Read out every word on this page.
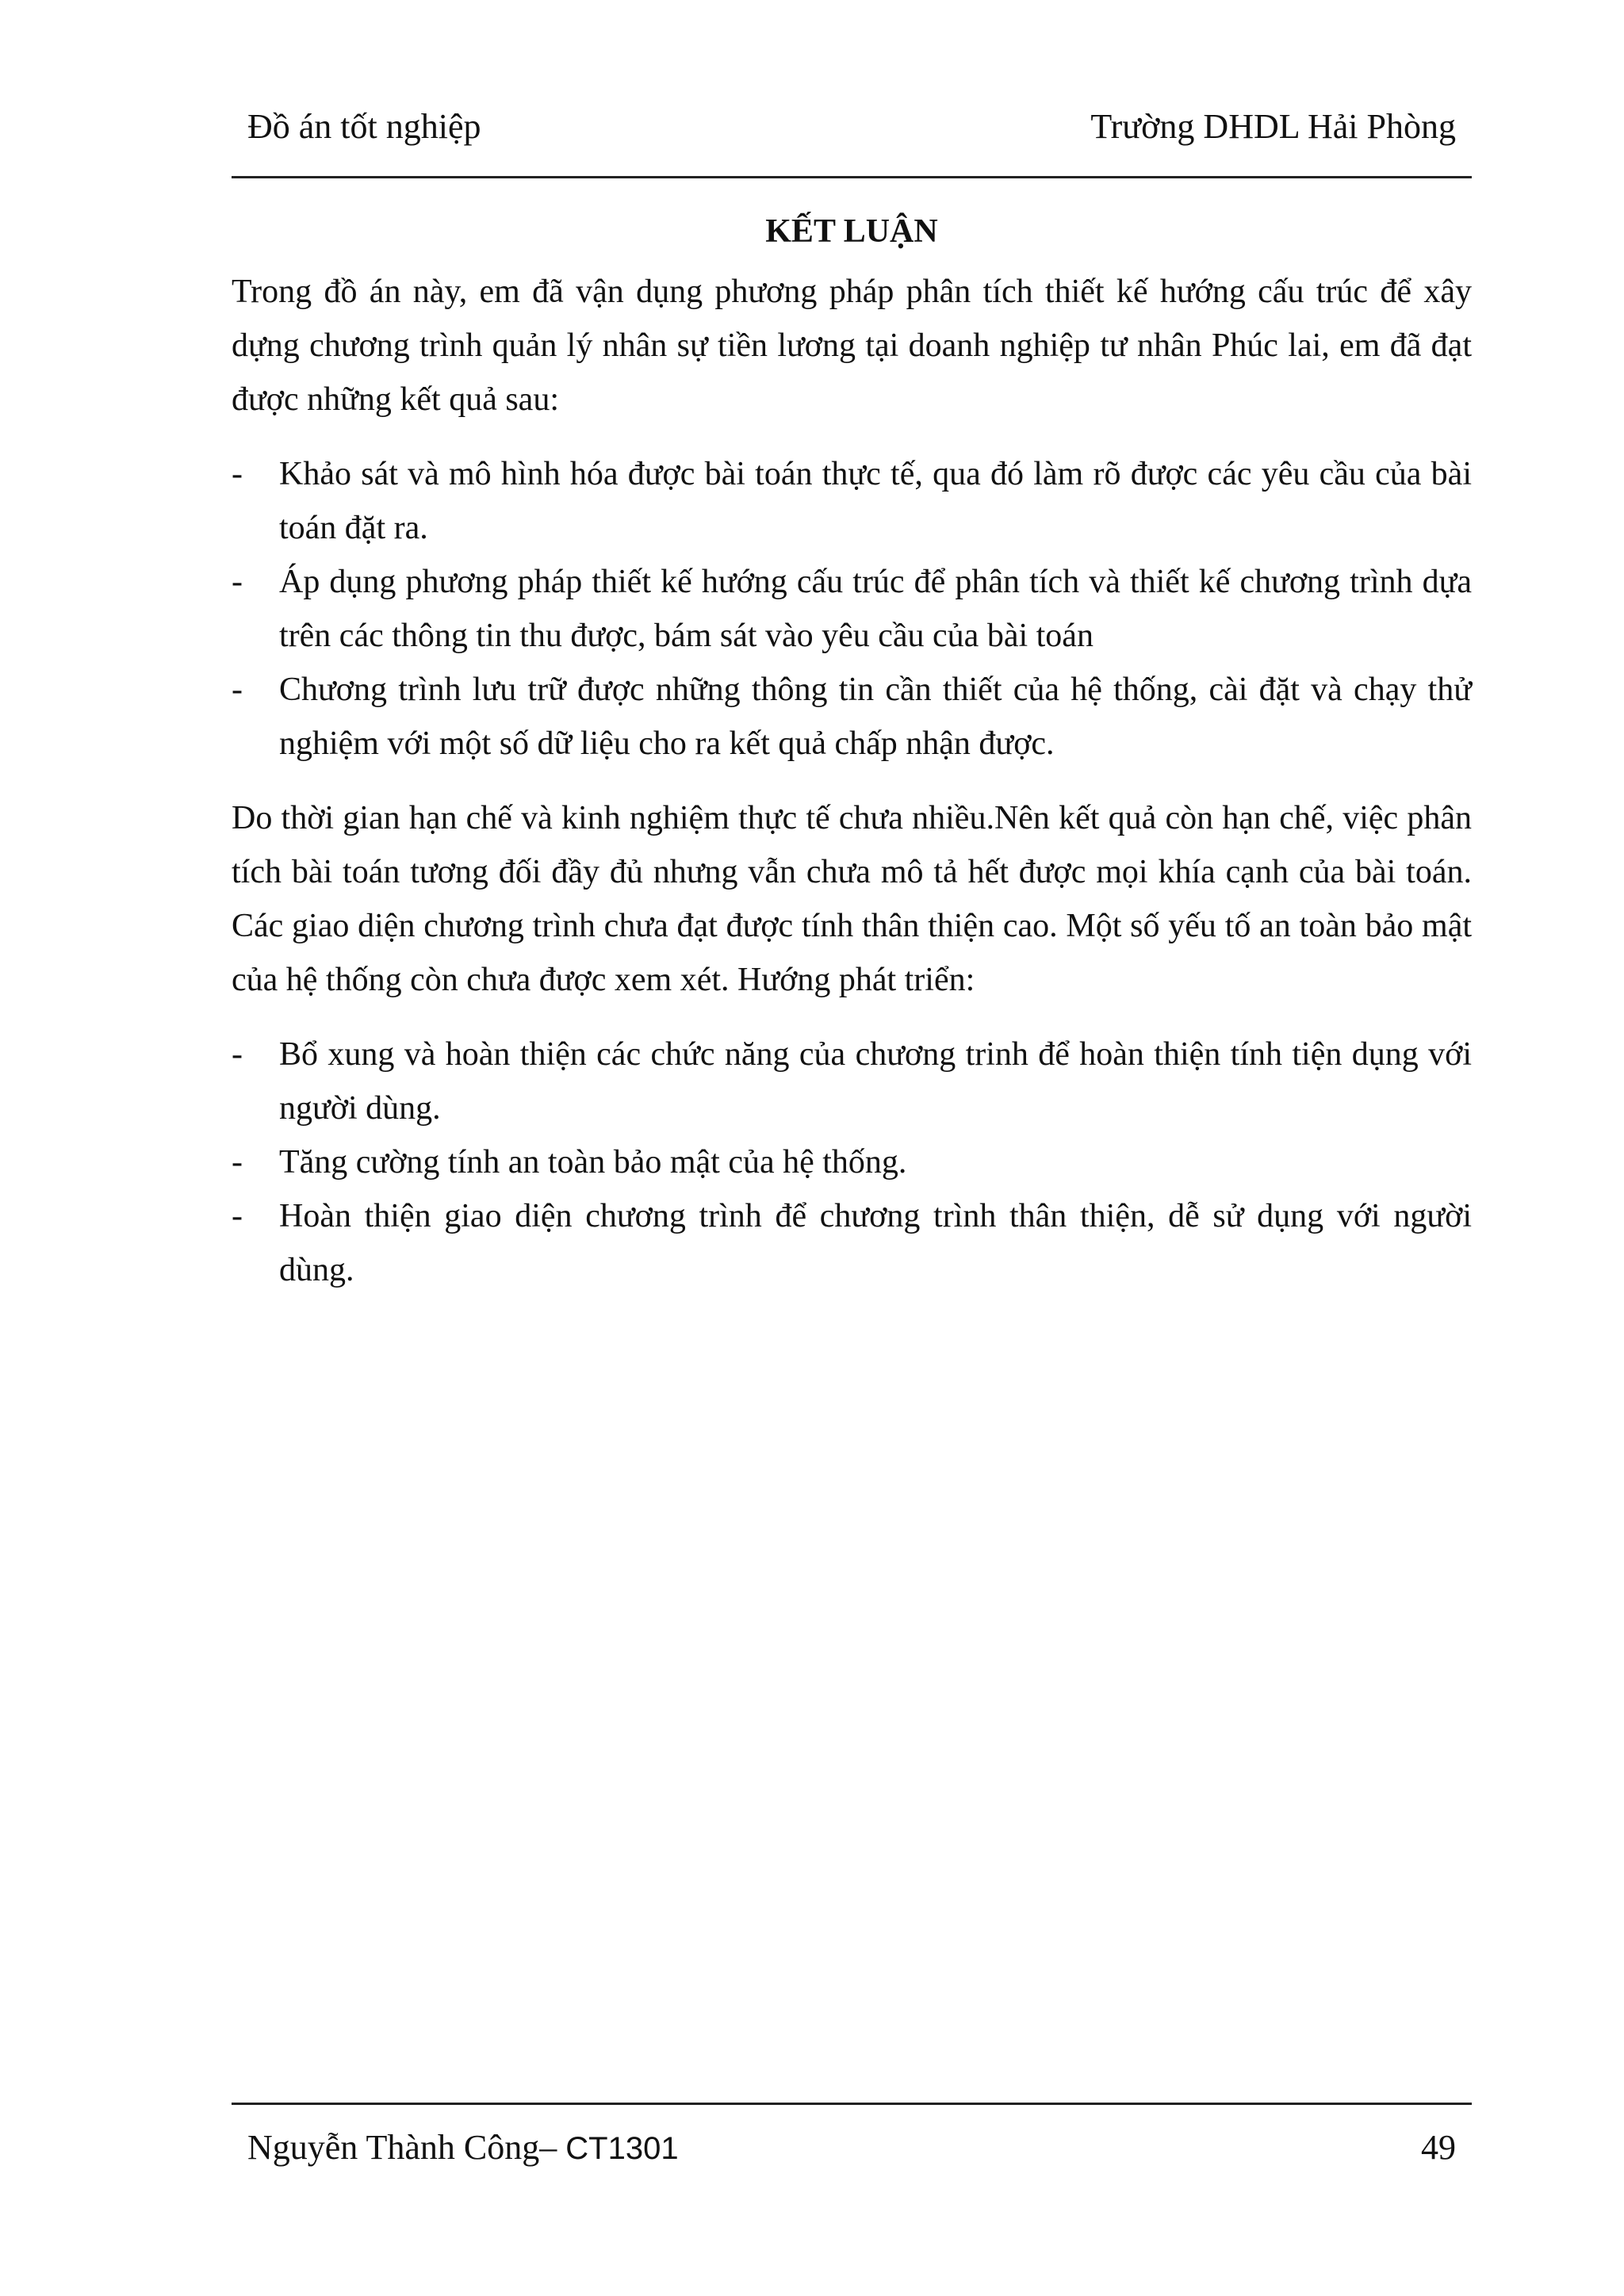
Đồ án tốt nghiệp	Trường DHDL Hải Phòng
KẾT LUẬN

Trong đồ án này, em đã vận dụng phương pháp phân tích thiết kế hướng cấu trúc để xây dựng chương trình quản lý nhân sự tiền lương tại doanh nghiệp tư nhân Phúc lai, em đã đạt được những kết quả sau:

- Khảo sát và mô hình hóa được bài toán thực tế, qua đó làm rõ được các yêu cầu của bài toán đặt ra.
- Áp dụng phương pháp thiết kế hướng cấu trúc để phân tích và thiết kế chương trình dựa trên các thông tin thu được, bám sát vào yêu cầu của bài toán
- Chương trình lưu trữ được những thông tin cần thiết của hệ thống, cài đặt và chạy thử nghiệm với một số dữ liệu cho ra kết quả chấp nhận được.

Do thời gian hạn chế và kinh nghiệm thực tế chưa nhiều.Nên kết quả còn hạn chế, việc phân tích bài toán tương đối đầy đủ nhưng vẫn chưa mô tả hết được mọi khía cạnh của bài toán. Các giao diện chương trình chưa đạt được tính thân thiện cao. Một số yếu tố an toàn bảo mật của hệ thống còn chưa được xem xét. Hướng phát triển:

- Bổ xung và hoàn thiện các chức năng của chương trinh để hoàn thiện tính tiện dụng với người dùng.
- Tăng cường tính an toàn bảo mật của hệ thống.
- Hoàn thiện giao diện chương trình để chương trình thân thiện, dễ sử dụng với người dùng.
Nguyễn Thành Công– CT1301	49
